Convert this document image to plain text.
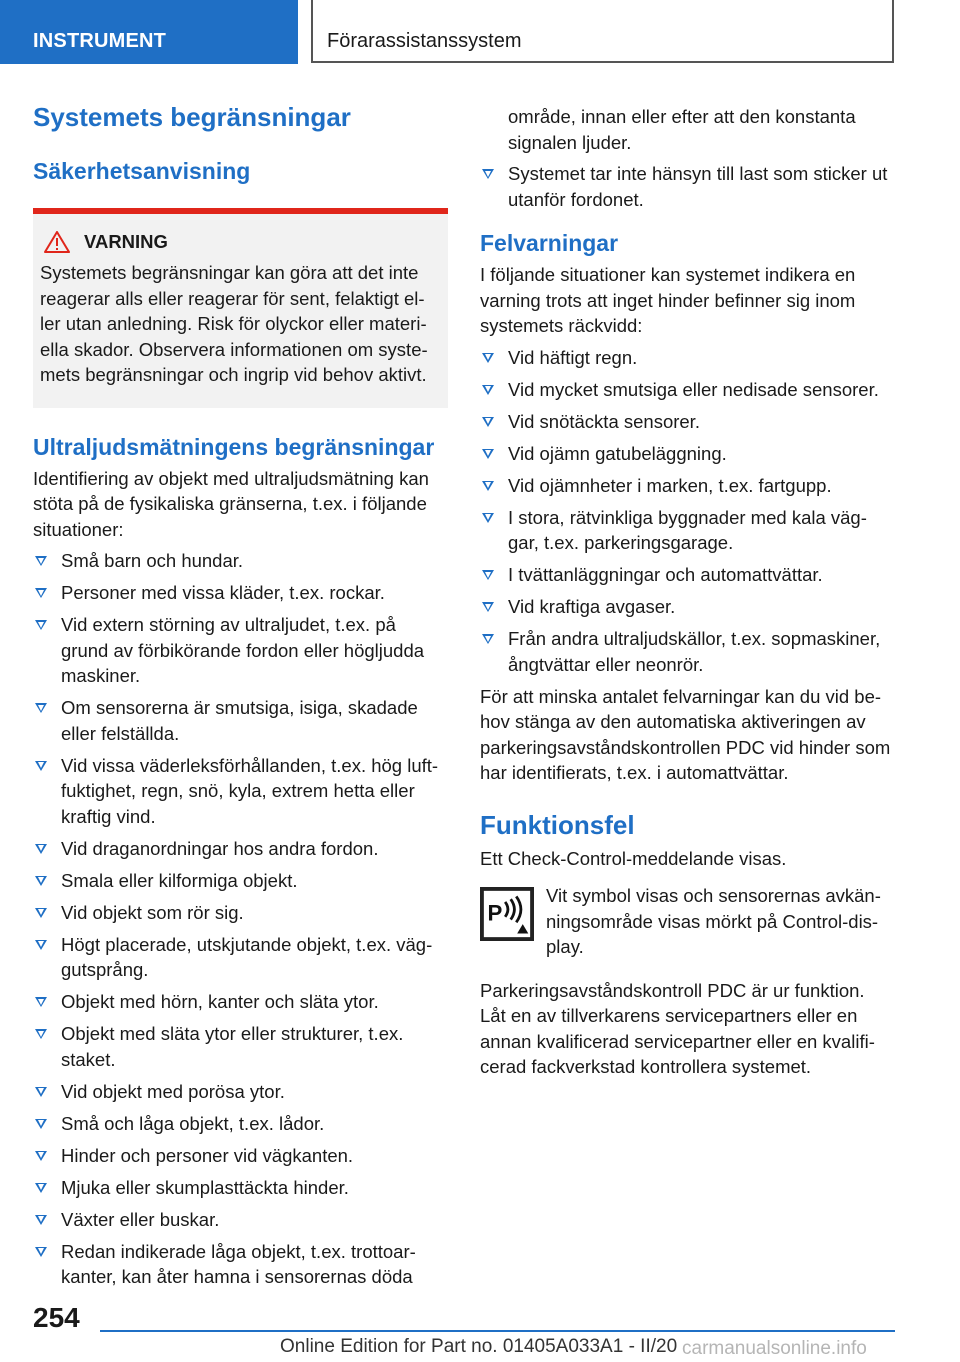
INSTRUMENT	Förarassistanssystem
Systemets begränsningar
Säkerhetsanvisning
VARNING
Systemets begränsningar kan göra att det inte reagerar alls eller reagerar för sent, felaktigt el-ler utan anledning. Risk för olyckor eller materi-ella skador. Observera informationen om syste-mets begränsningar och ingrip vid behov aktivt.
Ultraljudsmätningens begränsningar

Identifiering av objekt med ultraljudsmätning kan stöta på de fysikaliska gränserna, t.ex. i följande situationer:

Små barn och hundar.
Personer med vissa kläder, t.ex. rockar.
Vid extern störning av ultraljudet, t.ex. på grund av förbikörande fordon eller högljudda maskiner.
Om sensorerna är smutsiga, isiga, skadade eller felställda.
Vid vissa väderleksförhållanden, t.ex. hög luft-fuktighet, regn, snö, kyla, extrem hetta eller kraftig vind.
Vid draganordningar hos andra fordon.
Smala eller kilformiga objekt.
Vid objekt som rör sig.
Högt placerade, utskjutande objekt, t.ex. väg-gutsprång.
Objekt med hörn, kanter och släta ytor.
Objekt med släta ytor eller strukturer, t.ex. staket.
Vid objekt med porösa ytor.
Små och låga objekt, t.ex. lådor.
Hinder och personer vid vägkanten.
Mjuka eller skumplasttäckta hinder.
Växter eller buskar.
Redan indikerade låga objekt, t.ex. trottoar-kanter, kan åter hamna i sensorernas döda

område, innan eller efter att den konstanta signalen ljuder.

Systemet tar inte hänsyn till last som sticker ut utanför fordonet.
Felvarningar

I följande situationer kan systemet indikera en varning trots att inget hinder befinner sig inom systemets räckvidd:

Vid häftigt regn.
Vid mycket smutsiga eller nedisade sensorer.
Vid snötäckta sensorer.
Vid ojämn gatubeläggning.
Vid ojämnheter i marken, t.ex. fartgupp.
I stora, rätvinkliga byggnader med kala väg-gar, t.ex. parkeringsgarage.
I tvättanläggningar och automattvättar.
Vid kraftiga avgaser.
Från andra ultraljudskällor, t.ex. sopmaskiner, ångtvättar eller neonrör.

För att minska antalet felvarningar kan du vid be-hov stänga av den automatiska aktiveringen av parkeringsavståndskontrollen PDC vid hinder som har identifierats, t.ex. i automattvättar.

Funktionsfel

Ett Check-Control-meddelande visas.

P

Vit symbol visas och sensorernas avkän-ningsområde visas mörkt på Control-dis-play.

Parkeringsavståndskontroll PDC är ur funktion. Låt en av tillverkarens servicepartners eller en annan kvalificerad servicepartner eller en kvalifi-cerad fackverkstad kontrollera systemet.

254
Online Edition for Part no. 01405A033A1 - II/20 carmanualsonline.info
